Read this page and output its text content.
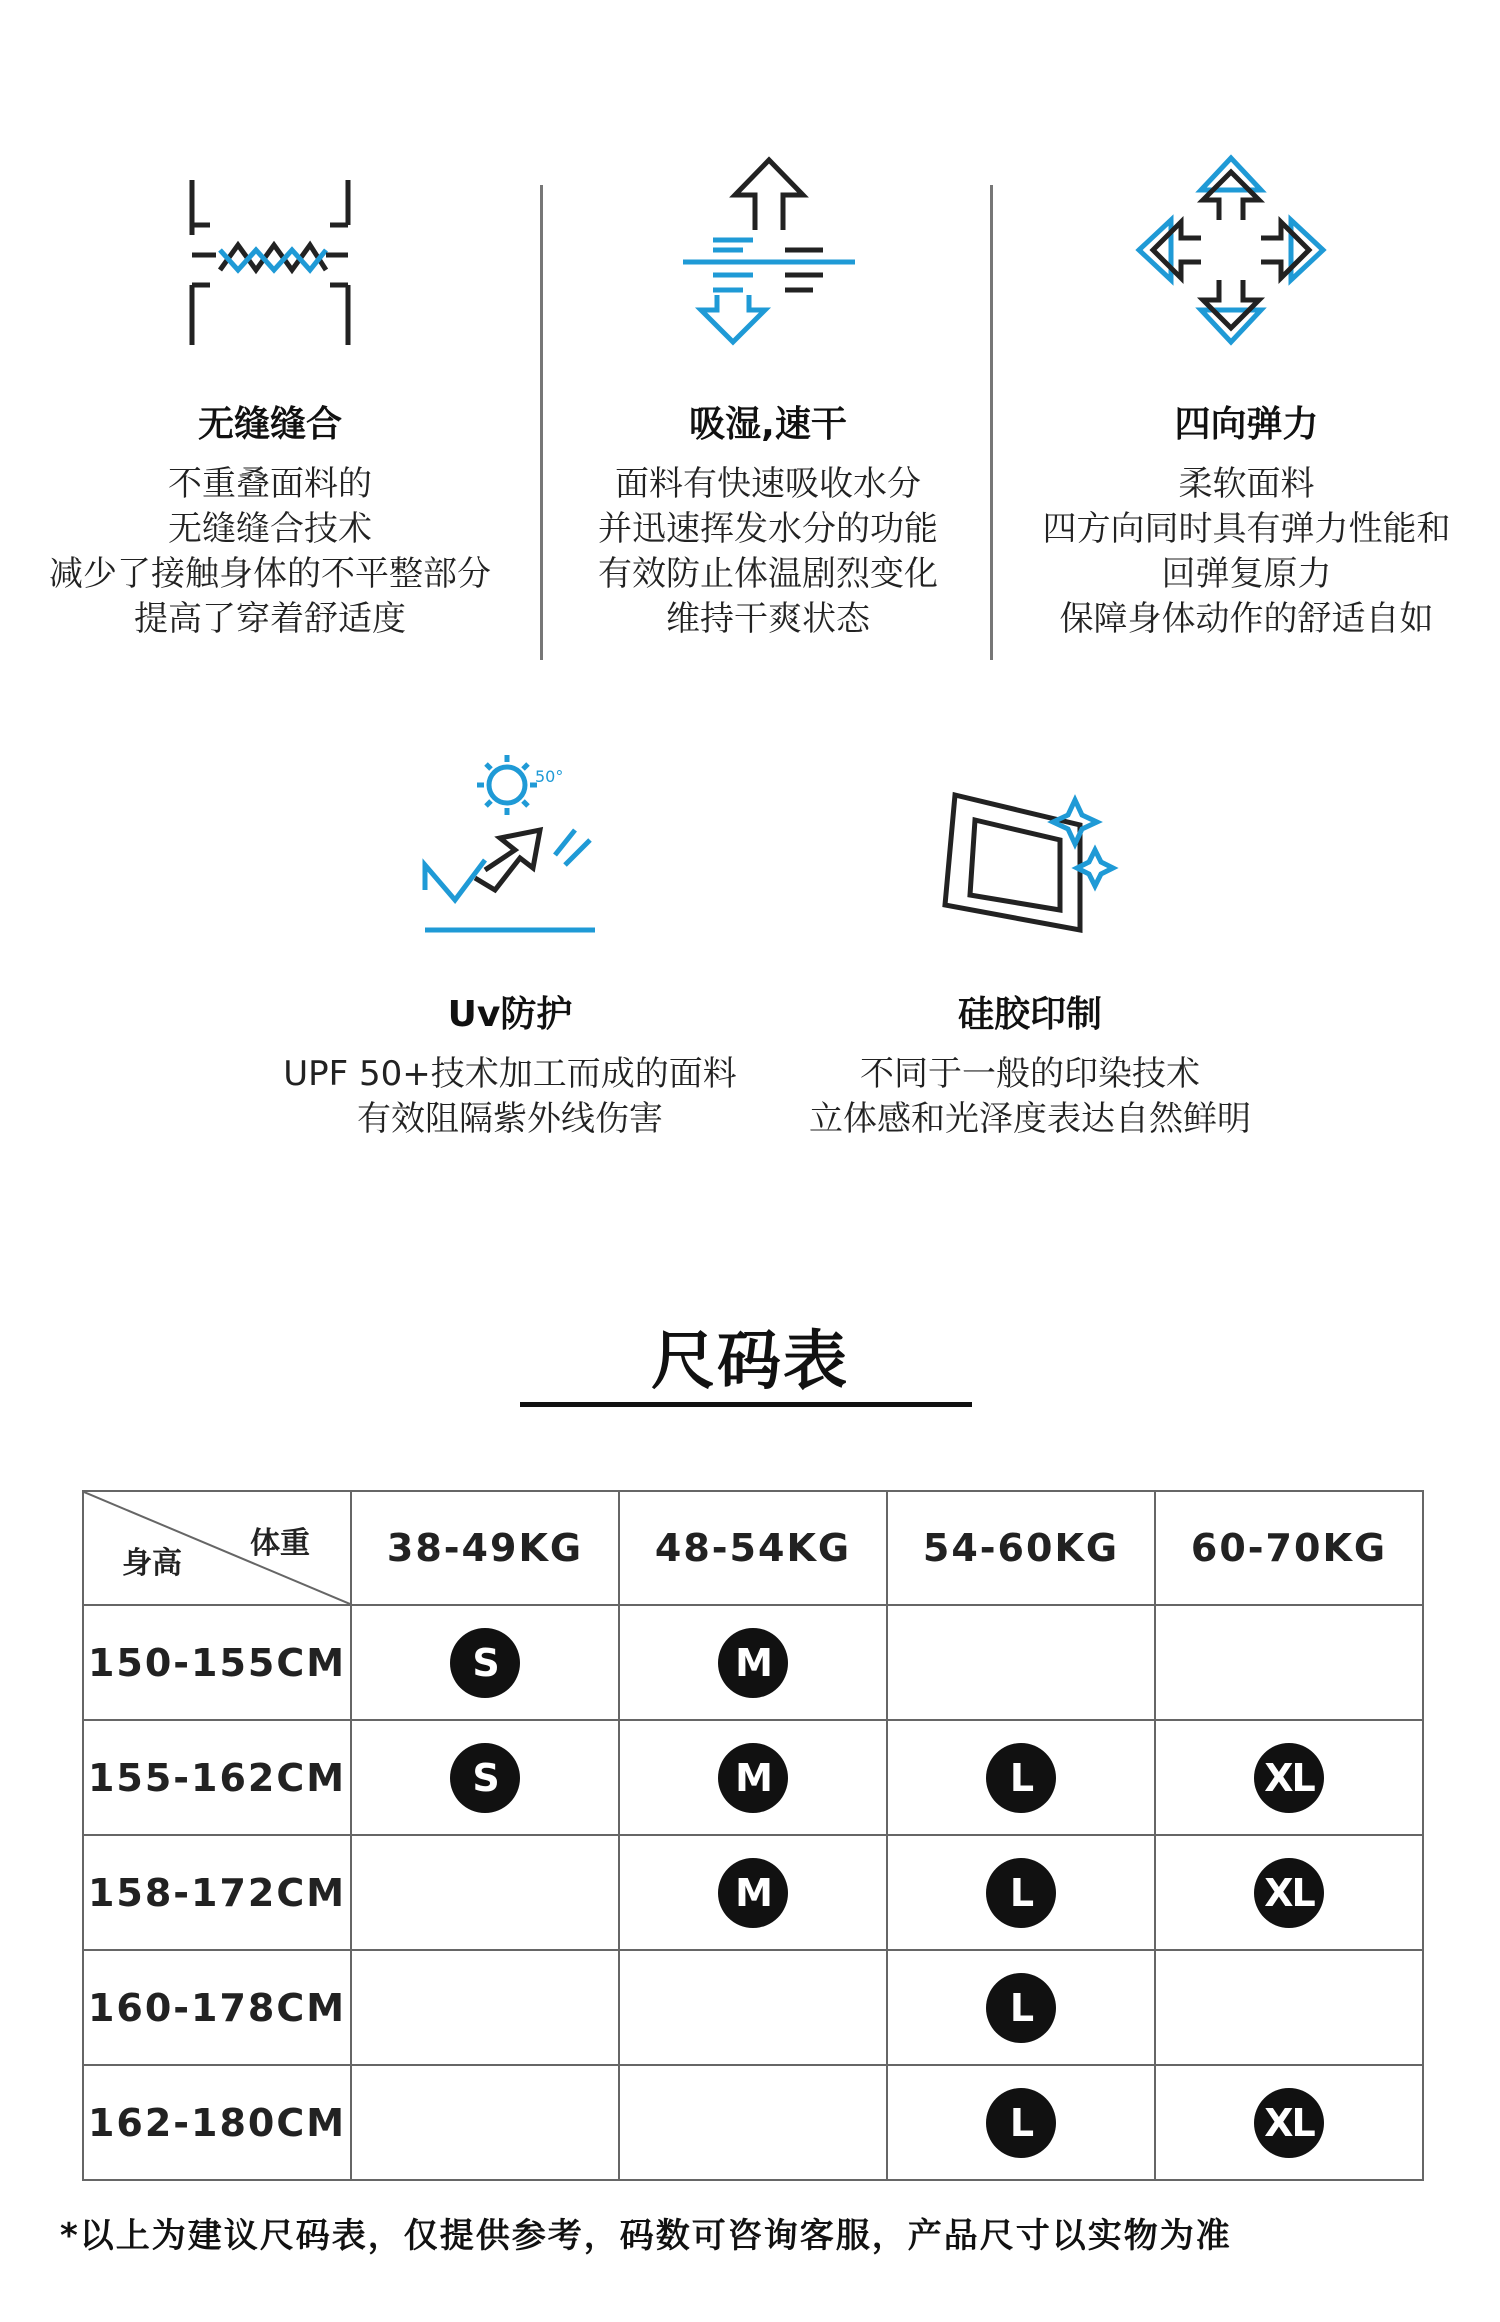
无缝缝合
不重叠面料的
无缝缝合技术
减少了接触身体的不平整部分
提高了穿着舒适度
吸湿,速干
面料有快速吸收水分
并迅速挥发水分的功能
有效防止体温剧烈变化
维持干爽状态
四向弹力
柔软面料
四方向同时具有弹力性能和
回弹复原力
保障身体动作的舒适自如
50°
Uv防护
UPF 50+技术加工而成的面料
有效阻隔紫外线伤害
硅胶印制
不同于一般的印染技术
立体感和光泽度表达自然鲜明
尺码表
体重
身高	38-49KG	48-54KG	54-60KG	60-70KG
150-155CM	S	M		
155-162CM	S	M	L	XL
158-172CM		M	L	XL
160-178CM			L	
162-180CM			L	XL
*以上为建议尺码表，仅提供参考，码数可咨询客服，产品尺寸以实物为准
